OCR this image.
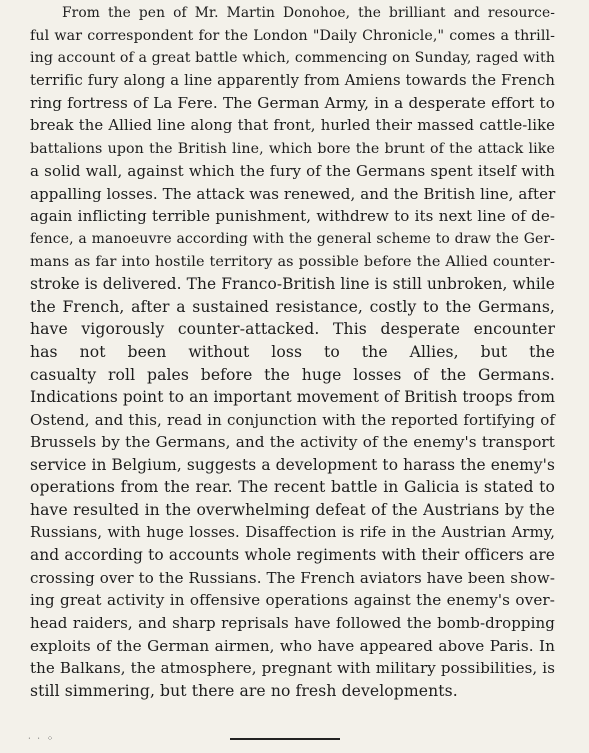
From the pen of Mr. Martin Donohoe, the brilliant and resource-
ful war correspondent for the London "Daily Chronicle," comes a thrill-
ing account of a great battle which, commencing on Sunday, raged with
terrific fury along a line apparently from Amiens towards the French
ring fortress of La Fere. The German Army, in a desperate effort to
break the Allied line along that front, hurled their massed cattle-like
battalions upon the British line, which bore the brunt of the attack like
a solid wall, against which the fury of the Germans spent itself with
appalling losses. The attack was renewed, and the British line, after
again inflicting terrible punishment, withdrew to its next line of de-
fence, a manoeuvre according with the general scheme to draw the Ger-
mans as far into hostile territory as possible before the Allied counter-
stroke is delivered. The Franco-British line is still unbroken, while
the French, after a sustained resistance, costly to the Germans,
have vigorously counter-attacked. This desperate encounter
has not been without loss to the Allies, but the
casualty roll pales before the huge losses of the Germans.
Indications point to an important movement of British troops from
Ostend, and this, read in conjunction with the reported fortifying of
Brussels by the Germans, and the activity of the enemy's transport
service in Belgium, suggests a development to harass the enemy's
operations from the rear. The recent battle in Galicia is stated to
have resulted in the overwhelming defeat of the Austrians by the
Russians, with huge losses. Disaffection is rife in the Austrian Army,
and according to accounts whole regiments with their officers are
crossing over to the Russians. The French aviators have been show-
ing great activity in offensive operations against the enemy's over-
head raiders, and sharp reprisals have followed the bomb-dropping
exploits of the German airmen, who have appeared above Paris. In
the Balkans, the atmosphere, pregnant with military possibilities, is
still simmering, but there are no fresh developments.
⋅ ⋅ ⁘
